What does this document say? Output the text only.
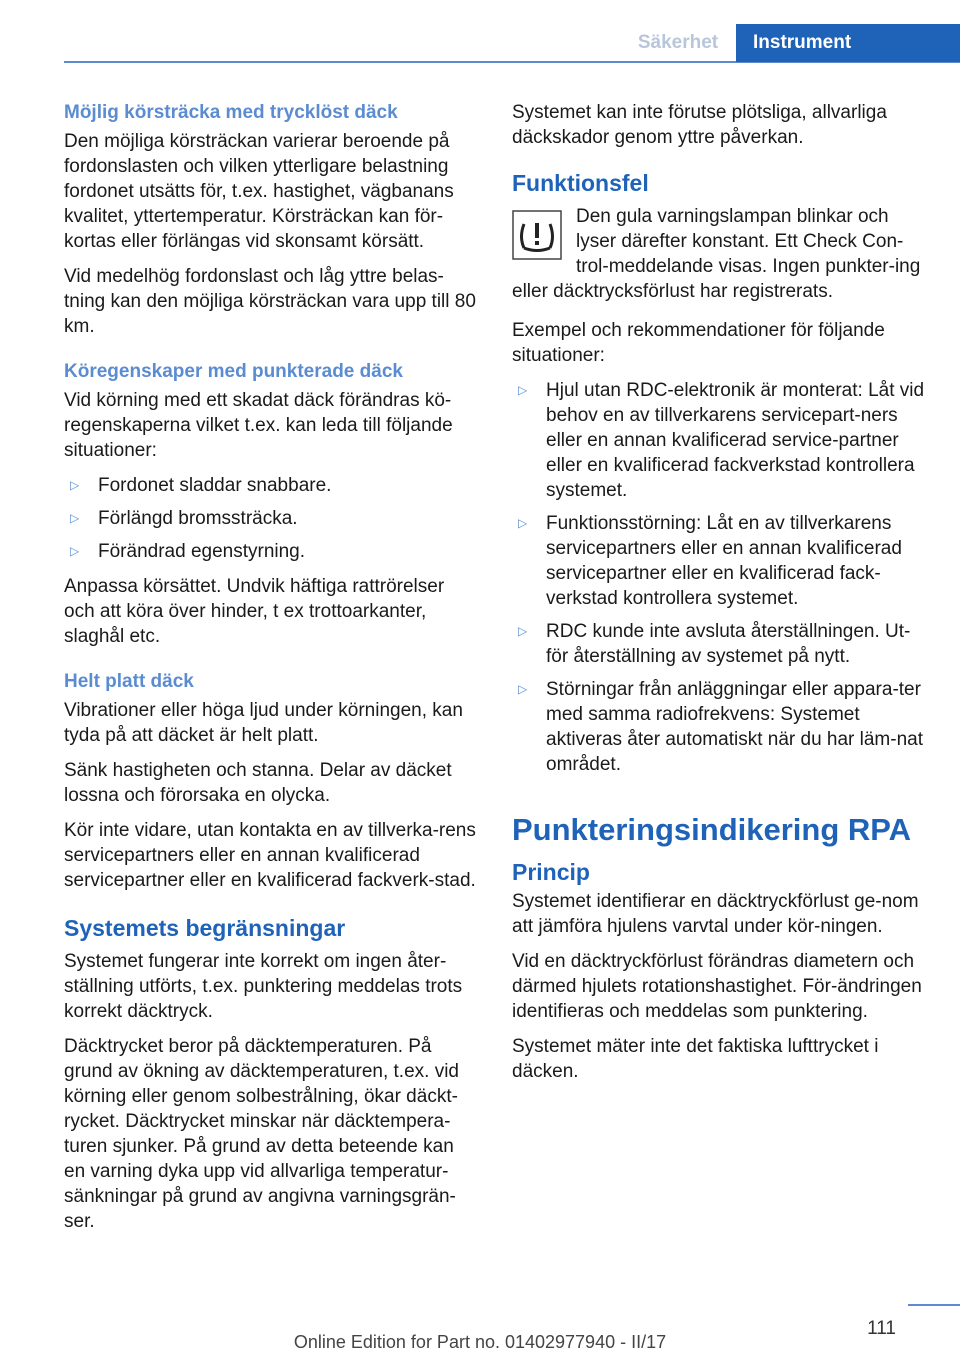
Säkerhet	Instrument
Möjlig körsträcka med trycklöst däck

Den möjliga körsträckan varierar beroende på fordonslasten och vilken ytterligare belastning fordonet utsätts för, t.ex. hastighet, vägbanans kvalitet, yttertemperatur. Körsträckan kan för-kortas eller förlängas vid skonsamt körsätt.

Vid medelhög fordonslast och låg yttre belas-tning kan den möjliga körsträckan vara upp till 80 km.

Köregenskaper med punkterade däck

Vid körning med ett skadat däck förändras kö-regenskaperna vilket t.ex. kan leda till följande situationer:

▷ Fordonet sladdar snabbare.
▷ Förlängd bromssträcka.
▷ Förändrad egenstyrning.

Anpassa körsättet. Undvik häftiga rattrörelser och att köra över hinder, t ex trottoarkanter, slaghål etc.

Helt platt däck

Vibrationer eller höga ljud under körningen, kan tyda på att däcket är helt platt.

Sänk hastigheten och stanna. Delar av däcket lossna och förorsaka en olycka.

Kör inte vidare, utan kontakta en av tillverka-rens servicepartners eller en annan kvalificerad servicepartner eller en kvalificerad fackverk-stad.

Systemets begränsningar

Systemet fungerar inte korrekt om ingen åter-ställning utförts, t.ex. punktering meddelas trots korrekt däcktryck.

Däcktrycket beror på däcktemperaturen. På grund av ökning av däcktemperaturen, t.ex. vid körning eller genom solbestrålning, ökar däckt-rycket. Däcktrycket minskar när däcktempera-turen sjunker. På grund av detta beteende kan en varning dyka upp vid allvarliga temperatur-sänkningar på grund av angivna varningsgrän-ser.

Systemet kan inte förutse plötsliga, allvarliga däckskador genom yttre påverkan.

Funktionsfel

Den gula varningslampan blinkar och lyser därefter konstant. Ett Check Con-trol-meddelande visas. Ingen punkter-ing eller däcktrycksförlust har registrerats.

Exempel och rekommendationer för följande situationer:

▷ Hjul utan RDC-elektronik är monterat: Låt vid behov en av tillverkarens servicepart-ners eller en annan kvalificerad service-partner eller en kvalificerad fackverkstad kontrollera systemet.
▷ Funktionsstörning: Låt en av tillverkarens servicepartners eller en annan kvalificerad servicepartner eller en kvalificerad fack-verkstad kontrollera systemet.
▷ RDC kunde inte avsluta återställningen. Ut-för återställning av systemet på nytt.
▷ Störningar från anläggningar eller appara-ter med samma radiofrekvens: Systemet aktiveras åter automatiskt när du har läm-nat området.
Punkteringsindikering RPA
Princip

Systemet identifierar en däcktryckförlust ge-nom att jämföra hjulens varvtal under kör-ningen.

Vid en däcktryckförlust förändras diametern och därmed hjulets rotationshastighet. För-ändringen identifieras och meddelas som punktering.

Systemet mäter inte det faktiska lufttrycket i däcken.

111
Online Edition for Part no. 01402977940 - II/17
